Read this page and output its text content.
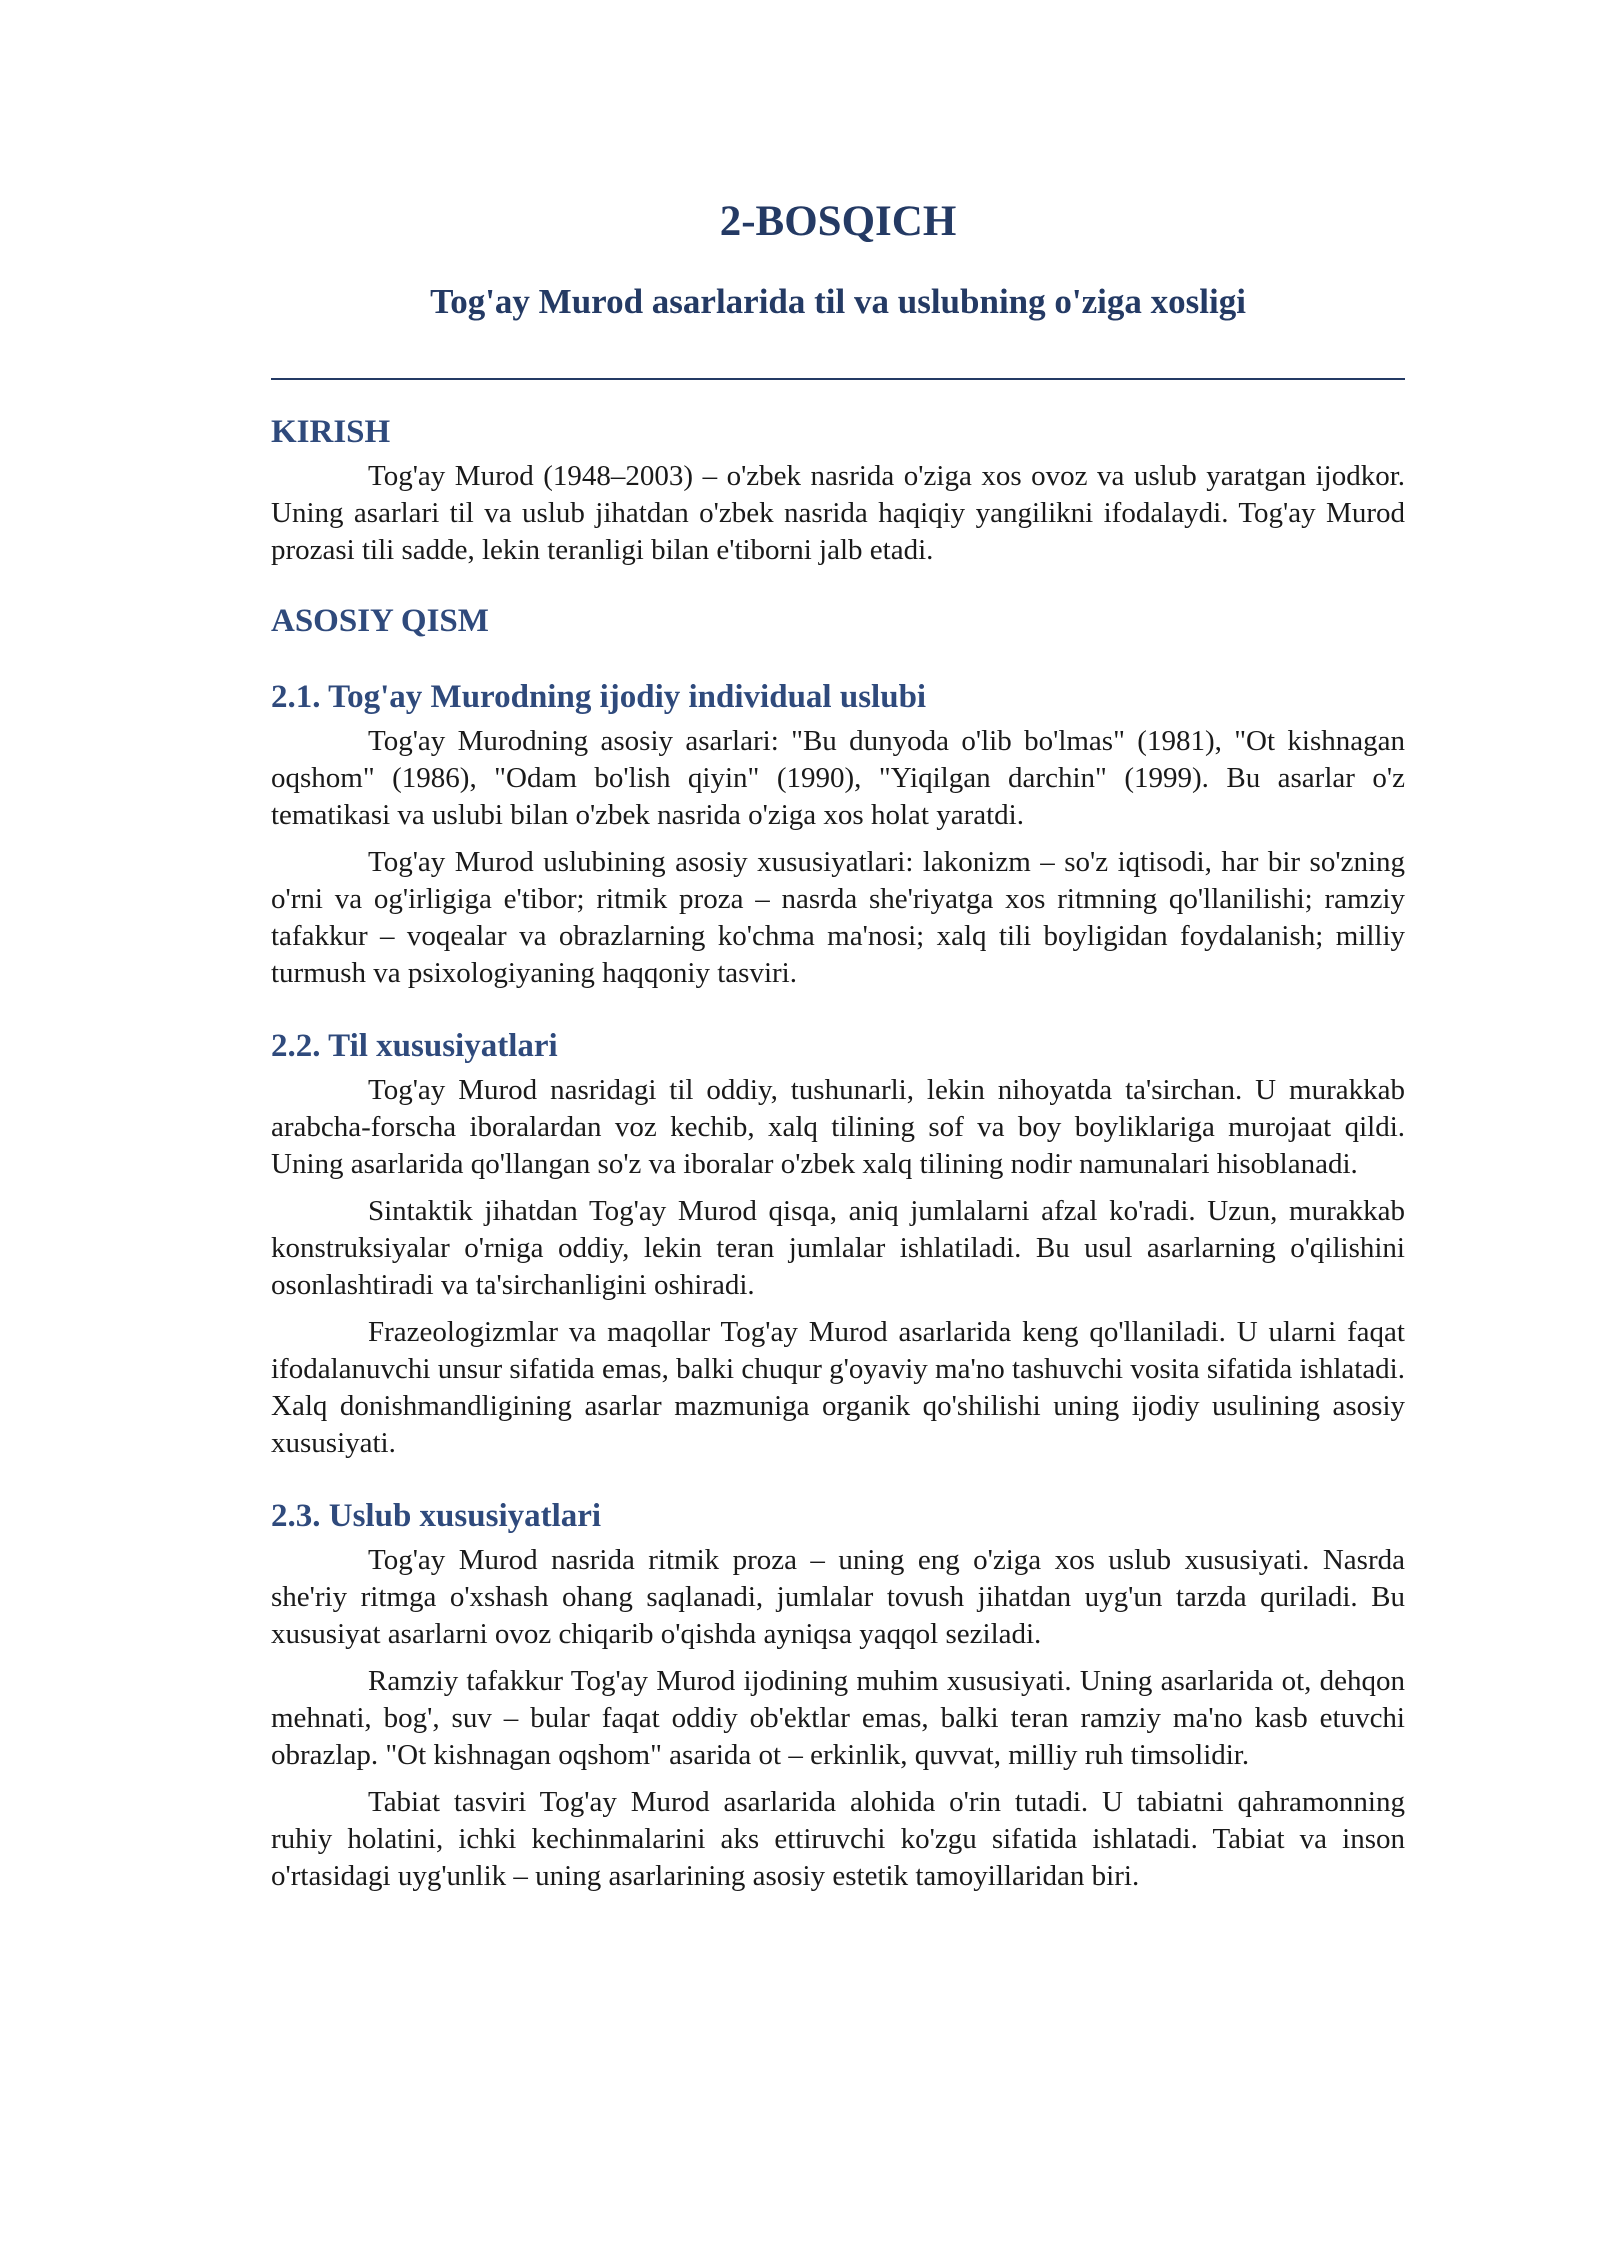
2-BOSQICH
Tog'ay Murod asarlarida til va uslubning o'ziga xosligi
KIRISH

Tog'ay Murod (1948–2003) – o'zbek nasrida o'ziga xos ovoz va uslub yaratgan ijodkor. Uning asarlari til va uslub jihatdan o'zbek nasrida haqiqiy yangilikni ifodalaydi. Tog'ay Murod prozasi tili sadde, lekin teranligi bilan e'tiborni jalb etadi.

ASOSIY QISM
2.1. Tog'ay Murodning ijodiy individual uslubi

Tog'ay Murodning asosiy asarlari: "Bu dunyoda o'lib bo'lmas" (1981), "Ot kishnagan oqshom" (1986), "Odam bo'lish qiyin" (1990), "Yiqilgan darchin" (1999). Bu asarlar o'z tematikasi va uslubi bilan o'zbek nasrida o'ziga xos holat yaratdi.

Tog'ay Murod uslubining asosiy xususiyatlari: lakonizm – so'z iqtisodi, har bir so'zning o'rni va og'irligiga e'tibor; ritmik proza – nasrda she'riyatga xos ritmning qo'llanilishi; ramziy tafakkur – voqealar va obrazlarning ko'chma ma'nosi; xalq tili boyligidan foydalanish; milliy turmush va psixologiyaning haqqoniy tasviri.

2.2. Til xususiyatlari

Tog'ay Murod nasridagi til oddiy, tushunarli, lekin nihoyatda ta'sirchan. U murakkab arabcha-forscha iboralardan voz kechib, xalq tilining sof va boy boyliklariga murojaat qildi. Uning asarlarida qo'llangan so'z va iboralar o'zbek xalq tilining nodir namunalari hisoblanadi.

Sintaktik jihatdan Tog'ay Murod qisqa, aniq jumlalarni afzal ko'radi. Uzun, murakkab konstruksiyalar o'rniga oddiy, lekin teran jumlalar ishlatiladi. Bu usul asarlarning o'qilishini osonlashtiradi va ta'sirchanligini oshiradi.

Frazeologizmlar va maqollar Tog'ay Murod asarlarida keng qo'llaniladi. U ularni faqat ifodalanuvchi unsur sifatida emas, balki chuqur g'oyaviy ma'no tashuvchi vosita sifatida ishlatadi. Xalq donishmandligining asarlar mazmuniga organik qo'shilishi uning ijodiy usulining asosiy xususiyati.

2.3. Uslub xususiyatlari

Tog'ay Murod nasrida ritmik proza – uning eng o'ziga xos uslub xususiyati. Nasrda she'riy ritmga o'xshash ohang saqlanadi, jumlalar tovush jihatdan uyg'un tarzda quriladi. Bu xususiyat asarlarni ovoz chiqarib o'qishda ayniqsa yaqqol seziladi.

Ramziy tafakkur Tog'ay Murod ijodining muhim xususiyati. Uning asarlarida ot, dehqon mehnati, bog', suv – bular faqat oddiy ob'ektlar emas, balki teran ramziy ma'no kasb etuvchi obrazlap. "Ot kishnagan oqshom" asarida ot – erkinlik, quvvat, milliy ruh timsolidir.

Tabiat tasviri Tog'ay Murod asarlarida alohida o'rin tutadi. U tabiatni qahramonning ruhiy holatini, ichki kechinmalarini aks ettiruvchi ko'zgu sifatida ishlatadi. Tabiat va inson o'rtasidagi uyg'unlik – uning asarlarining asosiy estetik tamoyillaridan biri.
